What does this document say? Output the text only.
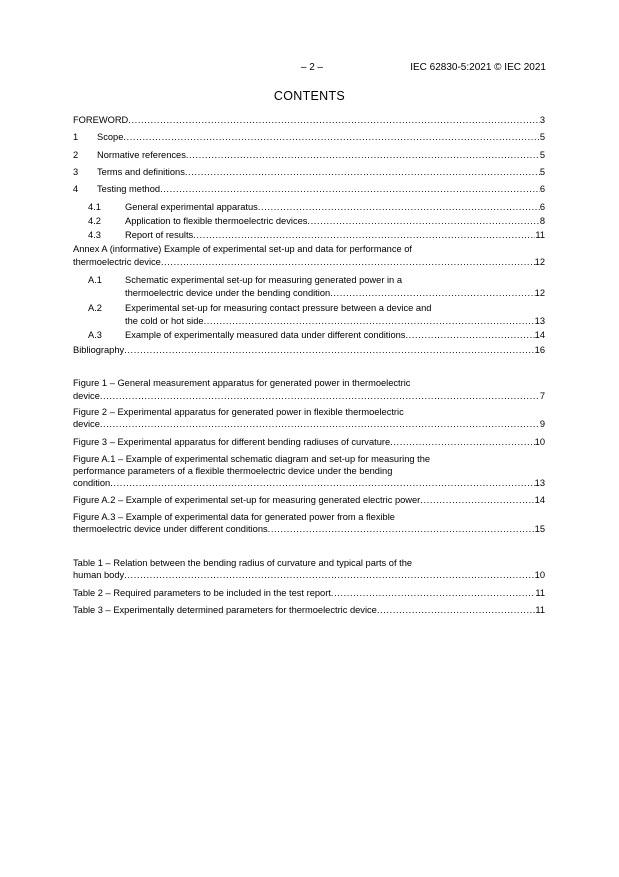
– 2 –	IEC 62830-5:2021 © IEC 2021
CONTENTS
FOREWORD .....	3
1	Scope .....	5
2	Normative references .....	5
3	Terms and definitions .....	5
4	Testing method .....	6
4.1	General experimental apparatus .....	6
4.2	Application to flexible thermoelectric devices .....	8
4.3	Report of results .....	11
Annex A (informative) Example of experimental set-up and data for performance of
thermoelectric device .....	12
A.1 Schematic experimental set-up for measuring generated power in a
thermoelectric device under the bending condition .....	12
A.2 Experimental set-up for measuring contact pressure between a device and
the cold or hot side .....	13
A.3	Example of experimentally measured data under different conditions .....	14
Bibliography .....	16
Figure 1 – General measurement apparatus for generated power in thermoelectric
device .....	7
Figure 2 – Experimental apparatus for generated power in flexible thermoelectric
device .....	9
Figure 3 – Experimental apparatus for different bending radiuses of curvature .....	10
Figure A.1 – Example of experimental schematic diagram and set-up for measuring the
performance parameters of a flexible thermoelectric device under the bending
condition .....	13
Figure A.2 – Example of experimental set-up for measuring generated electric power .....	14
Figure A.3 – Example of experimental data for generated power from a flexible
thermoelectric device under different conditions .....	15
Table 1 – Relation between the bending radius of curvature and typical parts of the
human body .....	10
Table 2 – Required parameters to be included in the test report .....	11
Table 3 – Experimentally determined parameters for thermoelectric device .....	11
